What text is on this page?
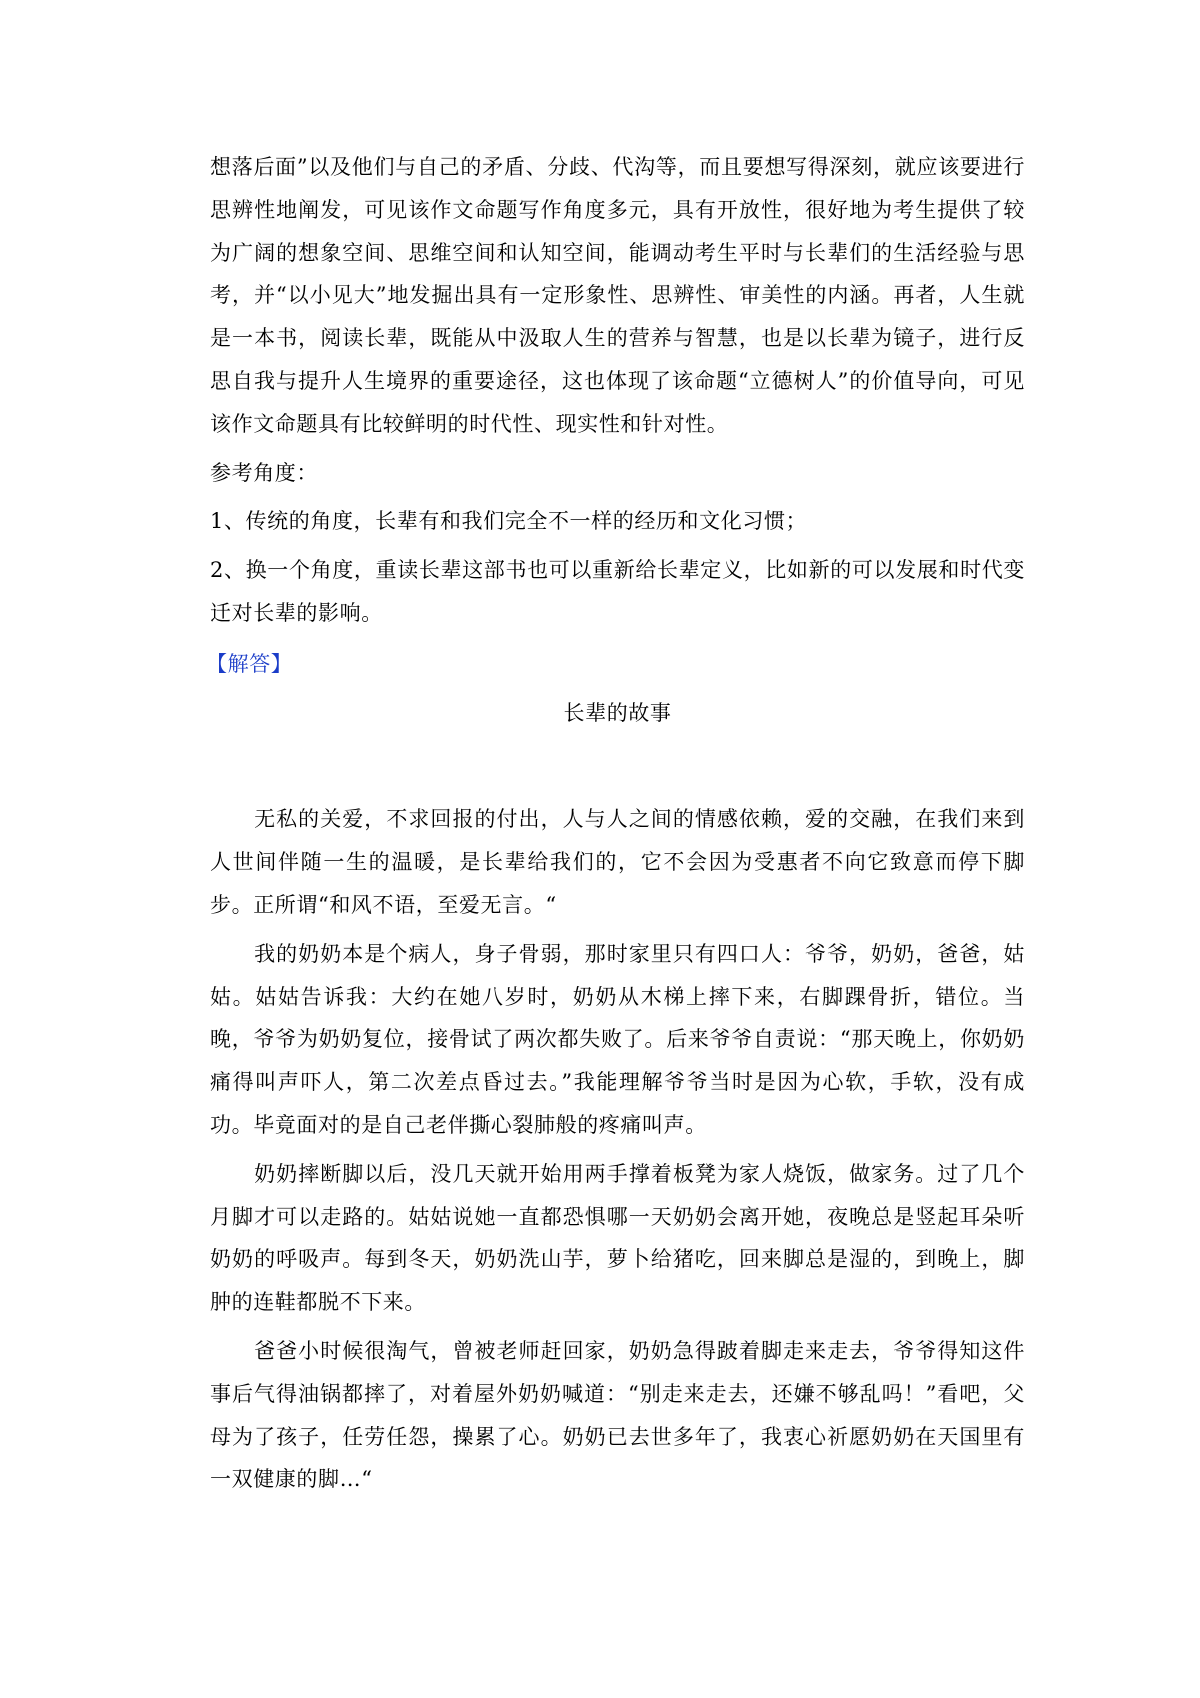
想落后面”以及他们与自己的矛盾、分歧、代沟等，而且要想写得深刻，就应该要进行思辨性地阐发，可见该作文命题写作角度多元，具有开放性，很好地为考生提供了较为广阔的想象空间、思维空间和认知空间，能调动考生平时与长辈们的生活经验与思考，并“以小见大”地发掘出具有一定形象性、思辨性、审美性的内涵。再者，人生就是一本书，阅读长辈，既能从中汲取人生的营养与智慧，也是以长辈为镜子，进行反思自我与提升人生境界的重要途径，这也体现了该命题“立德树人”的价值导向，可见该作文命题具有比较鲜明的时代性、现实性和针对性。

参考角度：

1、传统的角度，长辈有和我们完全不一样的经历和文化习惯；

2、换一个角度，重读长辈这部书也可以重新给长辈定义，比如新的可以发展和时代变迁对长辈的影响。

【解答】

长辈的故事

无私的关爱，不求回报的付出，人与人之间的情感依赖，爱的交融，在我们来到人世间伴随一生的温暖，是长辈给我们的，它不会因为受惠者不向它致意而停下脚步。正所谓“和风不语，至爱无言。“

我的奶奶本是个病人，身子骨弱，那时家里只有四口人：爷爷，奶奶，爸爸，姑姑。姑姑告诉我：大约在她八岁时，奶奶从木梯上摔下来，右脚踝骨折，错位。当晚，爷爷为奶奶复位，接骨试了两次都失败了。后来爷爷自责说：“那天晚上，你奶奶痛得叫声吓人，第二次差点昏过去。”我能理解爷爷当时是因为心软，手软，没有成功。毕竟面对的是自己老伴撕心裂肺般的疼痛叫声。

奶奶摔断脚以后，没几天就开始用两手撑着板凳为家人烧饭，做家务。过了几个月脚才可以走路的。姑姑说她一直都恐惧哪一天奶奶会离开她，夜晚总是竖起耳朵听奶奶的呼吸声。每到冬天，奶奶洗山芋，萝卜给猪吃，回来脚总是湿的，到晚上，脚肿的连鞋都脱不下来。

爸爸小时候很淘气，曾被老师赶回家，奶奶急得跛着脚走来走去，爷爷得知这件事后气得油锅都摔了，对着屋外奶奶喊道：“别走来走去，还嫌不够乱吗！”看吧，父母为了孩子，任劳任怨，操累了心。奶奶已去世多年了，我衷心祈愿奶奶在天国里有一双健康的脚…“
